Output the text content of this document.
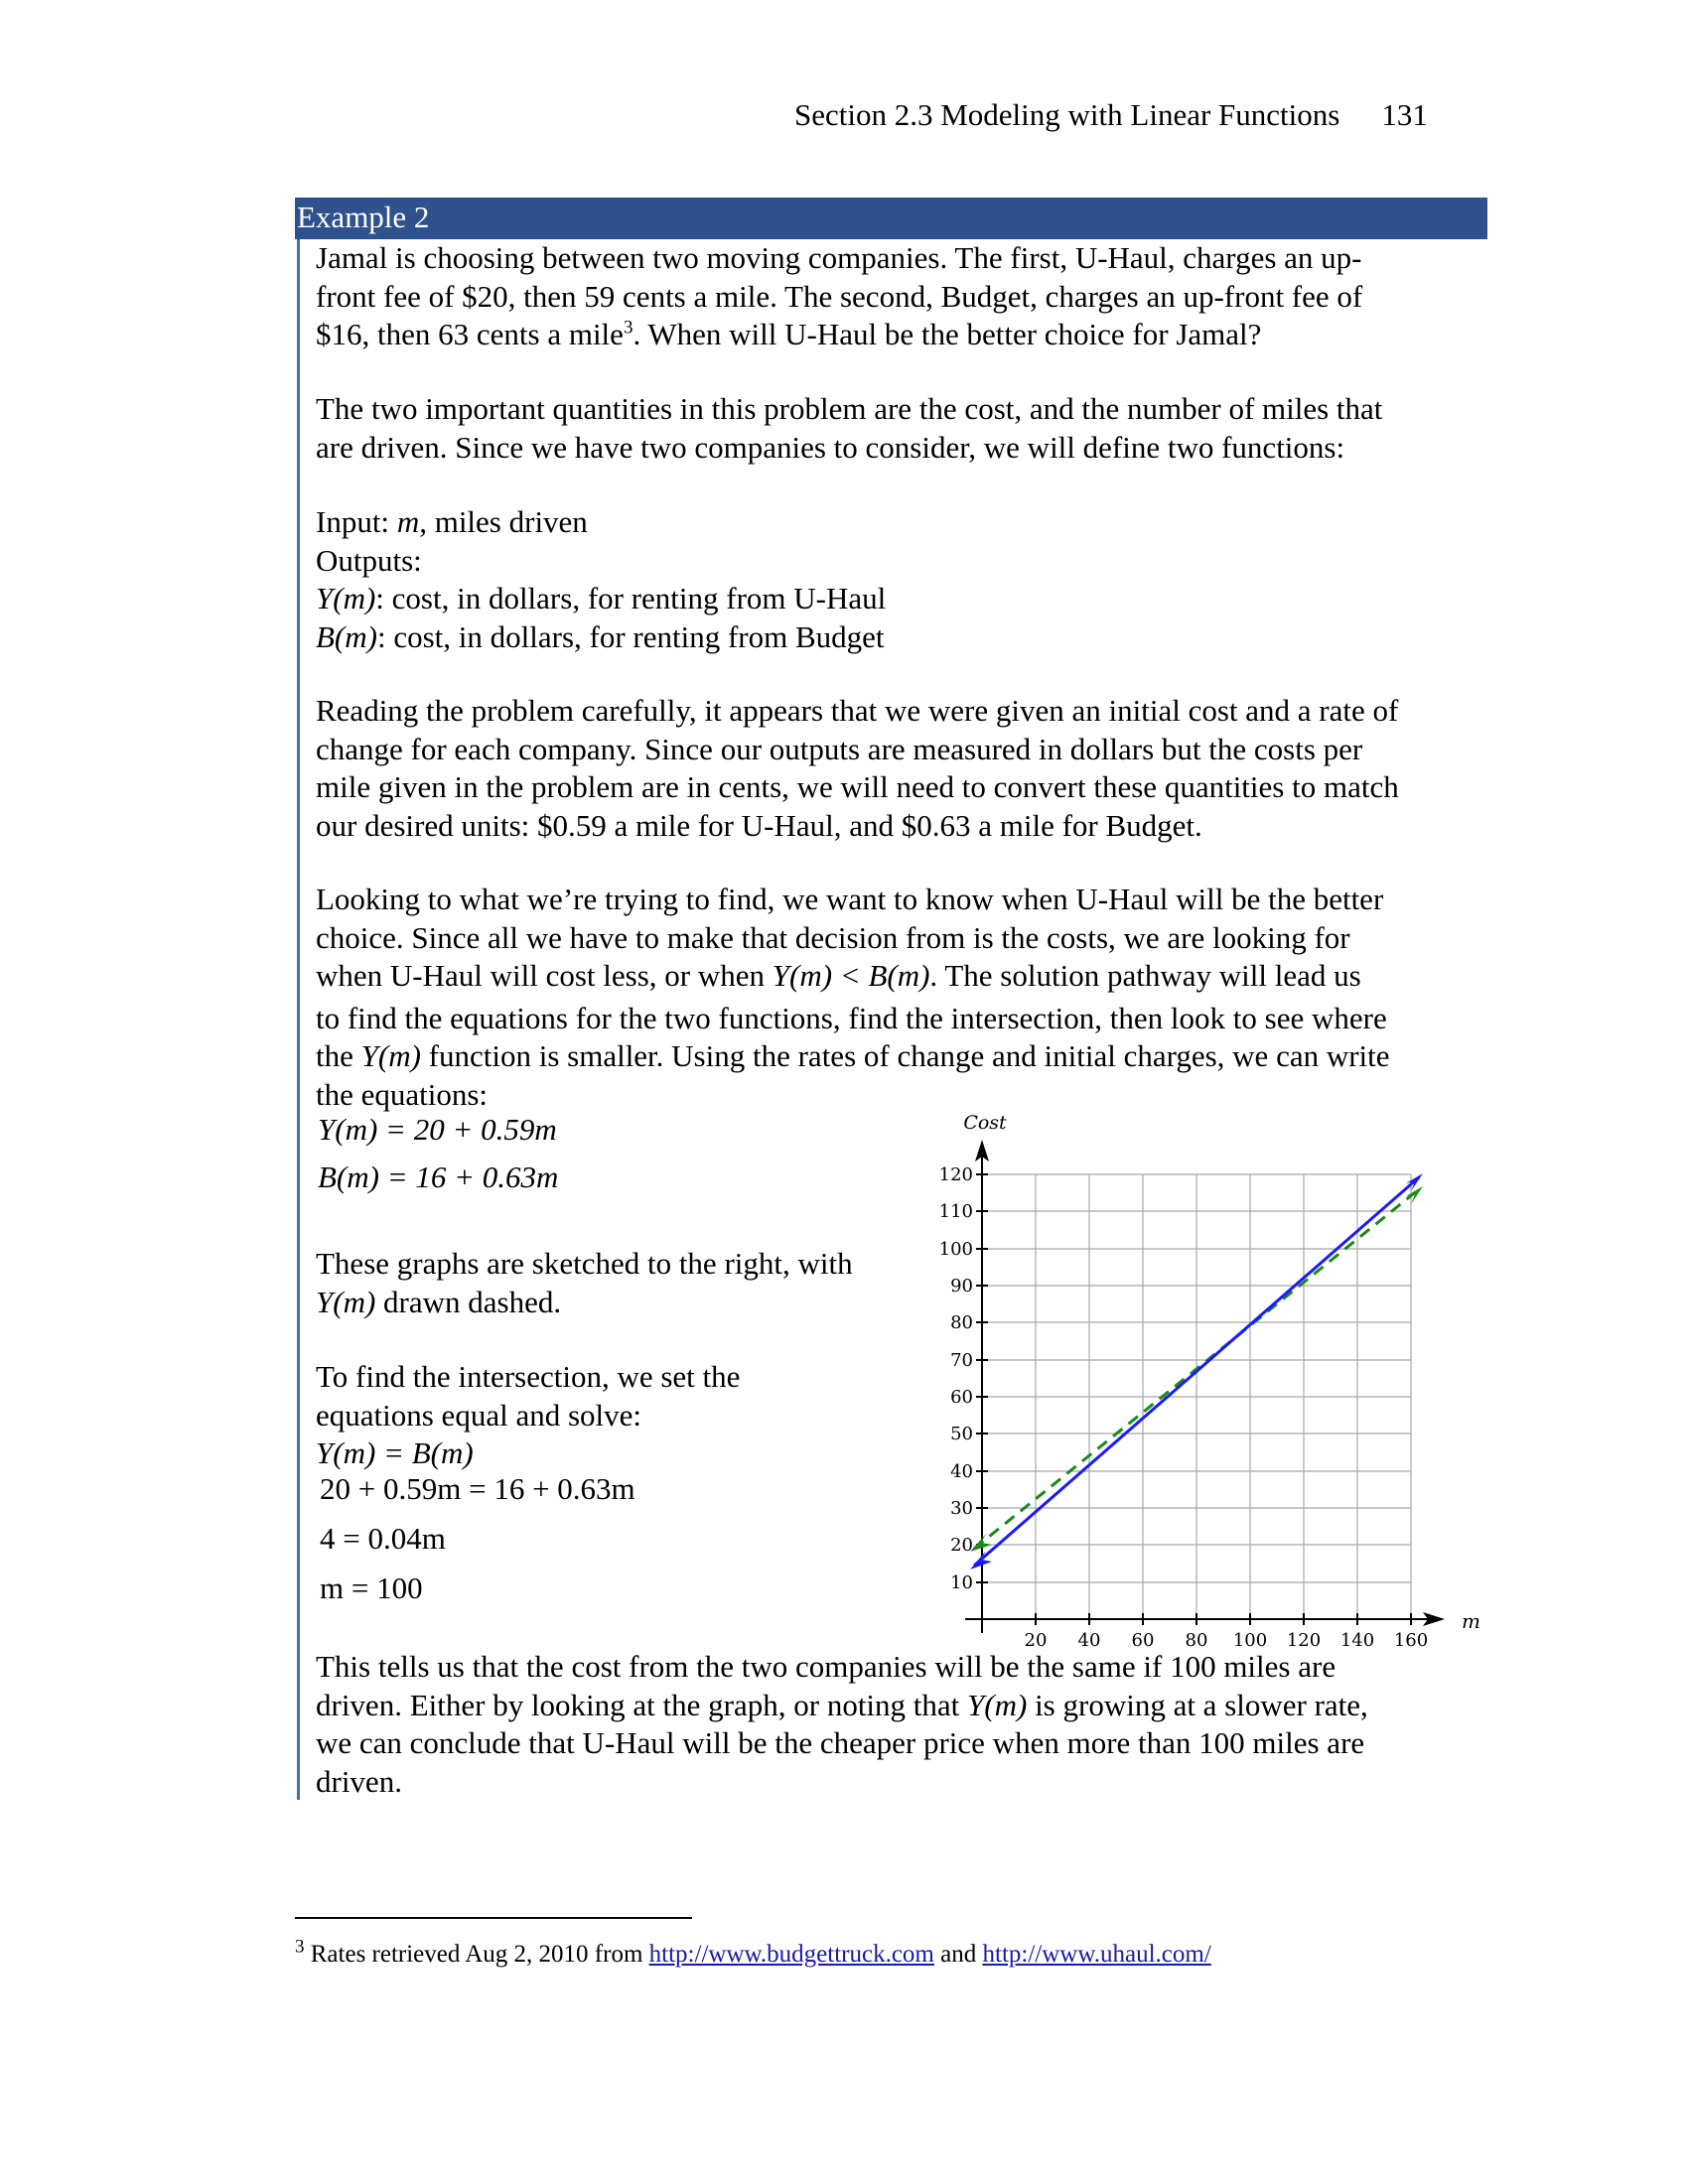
Section 2.3 Modeling with Linear Functions 131
Example 2
Jamal is choosing between two moving companies. The first, U-Haul, charges an up-
front fee of $20, then 59 cents a mile. The second, Budget, charges an up-front fee of
$16, then 63 cents a mile$^3$. When will U-Haul be the better choice for Jamal?
The two important quantities in this problem are the cost, and the number of miles that
are driven. Since we have two companies to consider, we will define two functions:
Input: m, miles driven
Outputs:
Y(m): cost, in dollars, for renting from U-Haul
B(m): cost, in dollars, for renting from Budget
Reading the problem carefully, it appears that we were given an initial cost and a rate of
change for each company. Since our outputs are measured in dollars but the costs per
mile given in the problem are in cents, we will need to convert these quantities to match
our desired units: $0.59 a mile for U-Haul, and $0.63 a mile for Budget.
Looking to what we’re trying to find, we want to know when U-Haul will be the better
choice. Since all we have to make that decision from is the costs, we are looking for
when U-Haul will cost less, or when Y(m) < B(m). The solution pathway will lead us
to find the equations for the two functions, find the intersection, then look to see where
the Y(m) function is smaller. Using the rates of change and initial charges, we can write
the equations:
Y(m) = 20 + 0.59m
B(m) = 16 + 0.63m
These graphs are sketched to the right, with
Y(m) drawn dashed.
To find the intersection, we set the
equations equal and solve:
Y(m) = B(m)
20 + 0.59m = 16 + 0.63m
4 = 0.04m
m = 100	10
20
30
40
50
60
70
80
90
100
110
120
20 40 60 80 100 120 140 160
Cost
m
This tells us that the cost from the two companies will be the same if 100 miles are
driven. Either by looking at the graph, or noting that Y(m) is growing at a slower rate,
we can conclude that U-Haul will be the cheaper price when more than 100 miles are
driven.
$^3$ Rates retrieved Aug 2, 2010 from http://www.budgettruck.com and http://www.uhaul.com/
